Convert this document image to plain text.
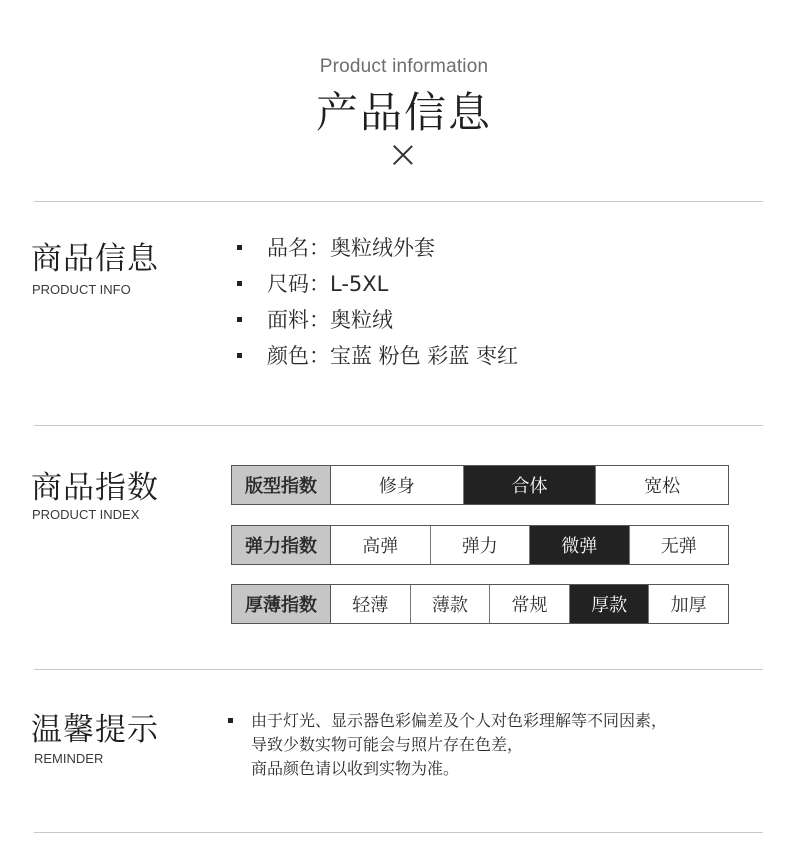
Product information
产品信息
商品信息
PRODUCT INFO
品名：奥粒绒外套
尺码：L-5XL
面料：奥粒绒
颜色：宝蓝 粉色 彩蓝 枣红
商品指数
PRODUCT INDEX
版型指数	修身	合体	宽松
弹力指数	高弹	弹力	微弹	无弹
厚薄指数	轻薄	薄款	常规	厚款	加厚
温馨提示
REMINDER
由于灯光、显示器色彩偏差及个人对色彩理解等不同因素，
导致少数实物可能会与照片存在色差，
商品颜色请以收到实物为准。
